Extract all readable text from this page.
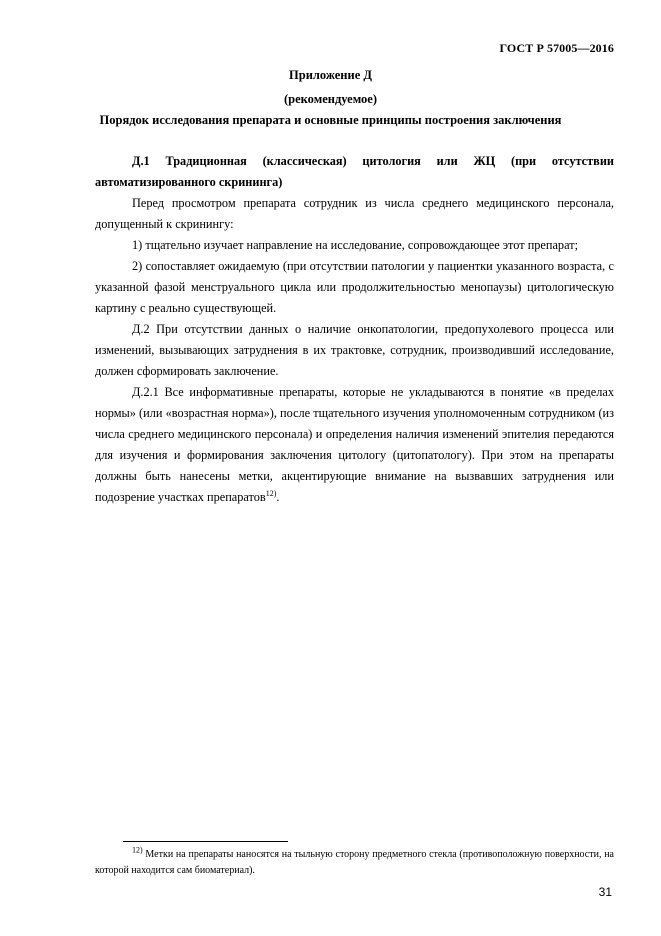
ГОСТ Р 57005—2016
Приложение Д
(рекомендуемое)
Порядок исследования препарата и основные принципы построения заключения

Д.1 Традиционная (классическая) цитология или ЖЦ (при отсутствии автоматизированного скрининга)

Перед просмотром препарата сотрудник из числа среднего медицинского персонала, допущенный к скринингу:

1) тщательно изучает направление на исследование, сопровождающее этот препарат;

2) сопоставляет ожидаемую (при отсутствии патологии у пациентки указанного возраста, с указанной фазой менструального цикла или продолжительностью менопаузы) цитологическую картину с реально существующей.

Д.2 При отсутствии данных о наличие онкопатологии, предопухолевого процесса или изменений, вызывающих затруднения в их трактовке, сотрудник, производивший исследование, должен сформировать заключение.

Д.2.1 Все информативные препараты, которые не укладываются в понятие «в пределах нормы» (или «возрастная норма»), после тщательного изучения уполномоченным сотрудником (из числа среднего медицинского персонала) и определения наличия изменений эпителия передаются для изучения и формирования заключения цитологу (цитопатологу). При этом на препараты должны быть нанесены метки, акцентирующие внимание на вызвавших затруднения или подозрение участках препаратов$^{12)}$.

$^{12)}$ Метки на препараты наносятся на тыльную сторону предметного стекла (противоположную поверхности, на которой находится сам биоматериал).

31
